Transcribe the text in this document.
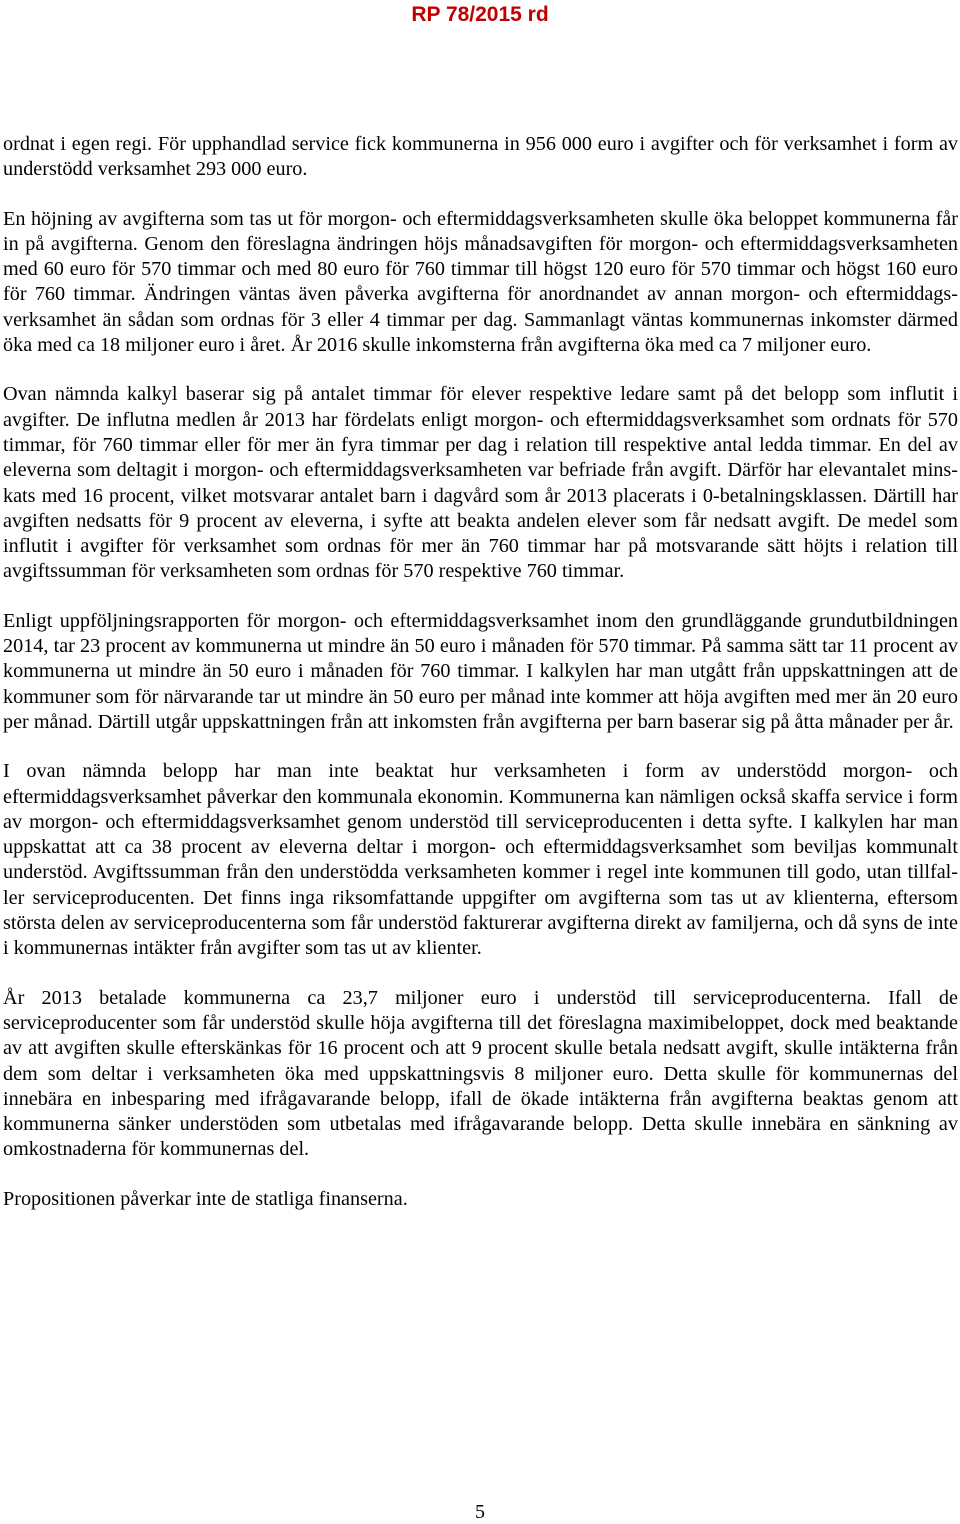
RP 78/2015 rd

ordnat i egen regi. För upphandlad service fick kommunerna in 956 000 euro i avgifter och för verksamhet i form av understödd verksamhet 293 000 euro.

En höjning av avgifterna som tas ut för morgon- och eftermiddagsverksamheten skulle öka beloppet kommunerna får in på avgifterna. Genom den föreslagna ändringen höjs månadsavgiften för morgon- och eftermiddagsverksamheten med 60 euro för 570 timmar och med 80 euro för 760 timmar till högst 120 euro för 570 timmar och högst 160 euro för 760 timmar. Ändringen väntas även påverka avgifterna för anordnandet av annan morgon- och eftermiddagsverksamhet än sådan som ordnas för 3 eller 4 timmar per dag. Sammanlagt väntas kommunernas inkomster därmed öka med ca 18 miljoner euro i året. År 2016 skulle inkomsterna från avgifterna öka med ca 7 miljoner euro.

Ovan nämnda kalkyl baserar sig på antalet timmar för elever respektive ledare samt på det belopp som influtit i avgifter. De influtna medlen år 2013 har fördelats enligt morgon- och eftermiddagsverksamhet som ordnats för 570 timmar, för 760 timmar eller för mer än fyra timmar per dag i relation till respektive antal ledda timmar. En del av eleverna som deltagit i morgon- och eftermiddagsverksamheten var befriade från avgift. Därför har elevantalet minskats med 16 procent, vilket motsvarar antalet barn i dagvård som år 2013 placerats i 0-betalningsklassen. Därtill har avgiften nedsatts för 9 procent av eleverna, i syfte att beakta andelen elever som får nedsatt avgift. De medel som influtit i avgifter för verksamhet som ordnas för mer än 760 timmar har på motsvarande sätt höjts i relation till avgiftssumman för verksamheten som ordnas för 570 respektive 760 timmar.

Enligt uppföljningsrapporten för morgon- och eftermiddagsverksamhet inom den grundläggande grundutbildningen 2014, tar 23 procent av kommunerna ut mindre än 50 euro i månaden för 570 timmar. På samma sätt tar 11 procent av kommunerna ut mindre än 50 euro i månaden för 760 timmar. I kalkylen har man utgått från uppskattningen att de kommuner som för närvarande tar ut mindre än 50 euro per månad inte kommer att höja avgiften med mer än 20 euro per månad. Därtill utgår uppskattningen från att inkomsten från avgifterna per barn baserar sig på åtta månader per år.

I ovan nämnda belopp har man inte beaktat hur verksamheten i form av understödd morgon- och eftermiddagsverksamhet påverkar den kommunala ekonomin. Kommunerna kan nämligen också skaffa service i form av morgon- och eftermiddagsverksamhet genom understöd till serviceproducenten i detta syfte. I kalkylen har man uppskattat att ca 38 procent av eleverna deltar i morgon- och eftermiddagsverksamhet som beviljas kommunalt understöd. Avgiftssumman från den understödda verksamheten kommer i regel inte kommunen till godo, utan tillfaller serviceproducenten. Det finns inga riksomfattande uppgifter om avgifterna som tas ut av klienterna, eftersom största delen av serviceproducenterna som får understöd fakturerar avgifterna direkt av familjerna, och då syns de inte i kommunernas intäkter från avgifter som tas ut av klienter.

År 2013 betalade kommunerna ca 23,7 miljoner euro i understöd till serviceproducenterna. Ifall de serviceproducenter som får understöd skulle höja avgifterna till det föreslagna maximibeloppet, dock med beaktande av att avgiften skulle efterskänkas för 16 procent och att 9 procent skulle betala nedsatt avgift, skulle intäkterna från dem som deltar i verksamheten öka med uppskattningsvis 8 miljoner euro. Detta skulle för kommunernas del innebära en inbesparing med ifrågavarande belopp, ifall de ökade intäkterna från avgifterna beaktas genom att kommunerna sänker understöden som utbetalas med ifrågavarande belopp. Detta skulle innebära en sänkning av omkostnaderna för kommunernas del.

Propositionen påverkar inte de statliga finanserna.

5
